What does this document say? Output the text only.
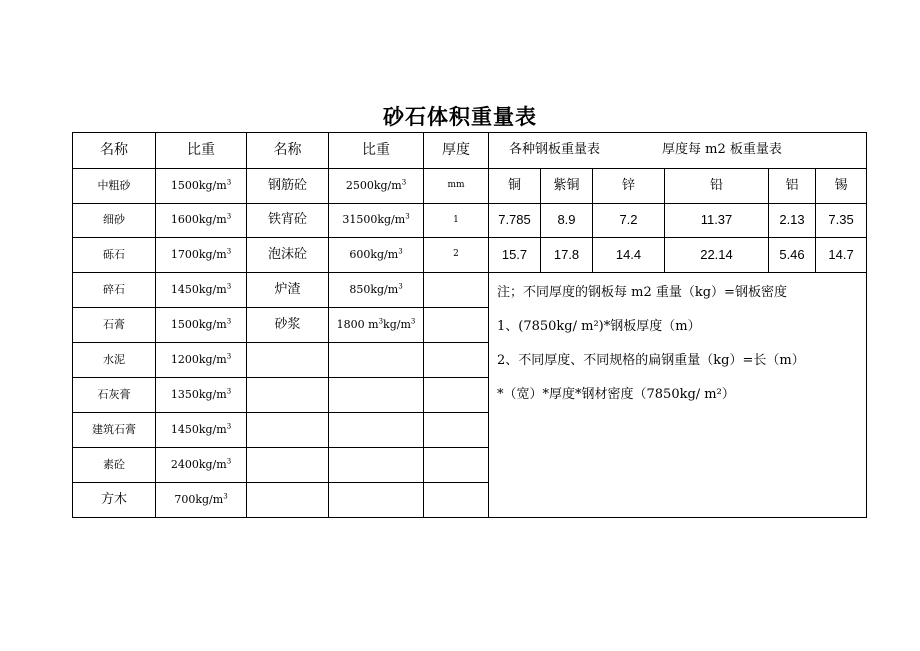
砂石体积重量表
名称	比重	名称	比重	厚度	各种钢板重量表 厚度每 m2 板重量表					
中粗砂	$1500kg/m^3$	钢筋砼	$2500kg/m^3$	mm	铜	紫铜	锌	铅	铝	锡
细砂	$1600kg/m^3$	铁宵砼	$31500kg/m^3$	1	7.785	8.9	7.2	11.37	2.13	7.35
砾石	$1700kg/m^3$	泡沫砼	$600kg/m^3$	2	15.7	17.8	14.4	22.14	5.46	14.7
碎石	$1450kg/m^3$	炉渣	$850kg/m^3$		注；不同厚度的钢板每 m2 重量（kg）=钢板密度
1、(7850kg/ m²)*钢板厚度（m）
2、不同厚度、不同规格的扁钢重量（kg）=长（m）
*（宽）*厚度*钢材密度（7850kg/ m²）					

石膏	$1500kg/m^3$	砂浆	1800 $m^3kg/m^3$	
水泥	$1200kg/m^3$			
石灰膏	$1350kg/m^3$			
建筑石膏	$1450kg/m^3$			
素砼	$2400kg/m^3$			
方木	$700kg/m^3$			
